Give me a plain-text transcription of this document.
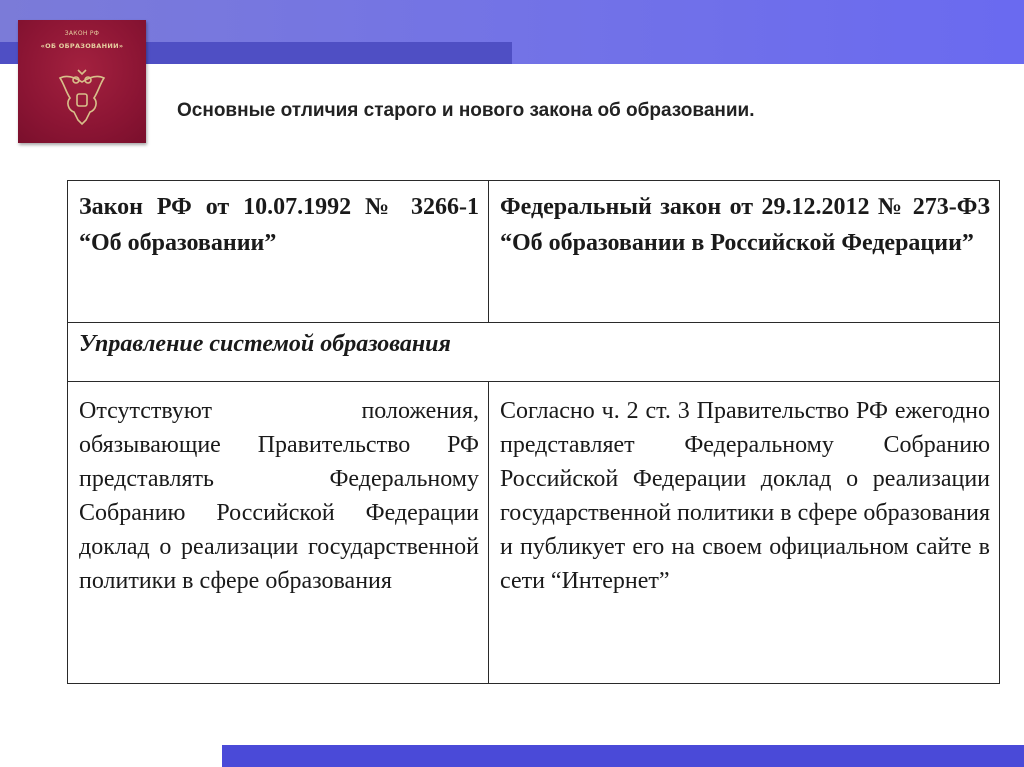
ЗАКОН РФ
«ОБ ОБРАЗОВАНИИ»
Основные отличия старого и нового закона об образовании.
Закон РФ от 10.07.1992 № 3266-1 “Об образовании”	Федеральный закон от 29.12.2012 № 273-ФЗ “Об образовании в Российской Федерации”
Управление системой образования	
Отсутствуют положения, обязывающие Правительство РФ представлять Федеральному Собранию Российской Федерации доклад о реализации государственной политики в сфере образования	Согласно ч. 2 ст. 3 Правительство РФ ежегодно представляет Федеральному Собранию Российской Федерации доклад о реализации государственной политики в сфере образования и публикует его на своем официальном сайте в сети “Интернет”
